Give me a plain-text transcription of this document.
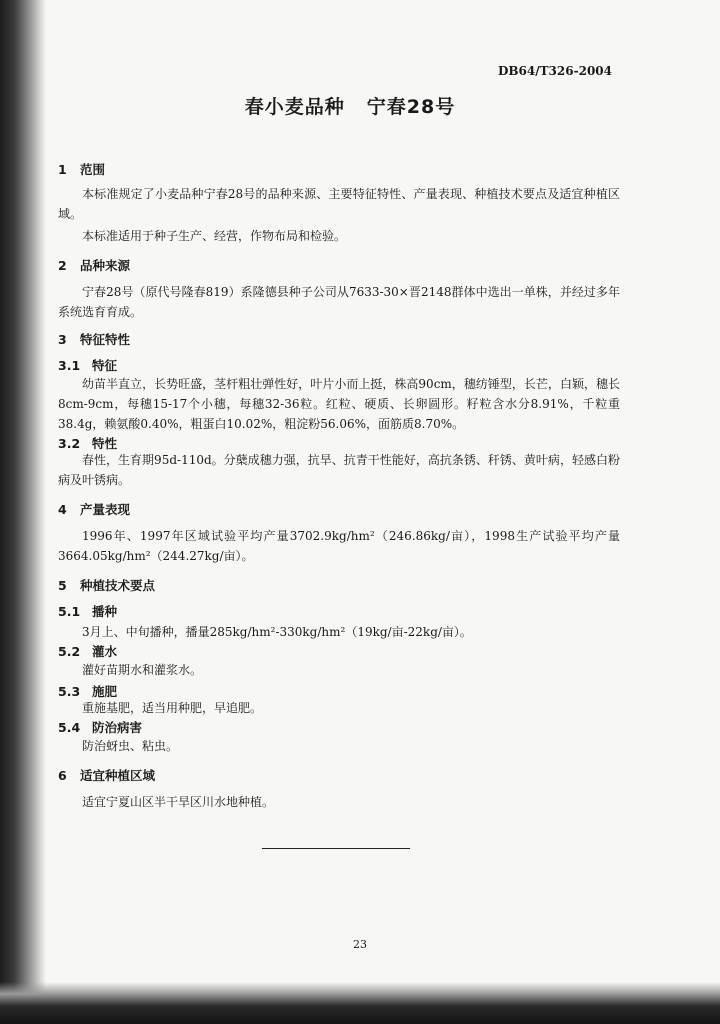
DB64/T326-2004
春小麦品种 宁春28号
1 范围
本标准规定了小麦品种宁春28号的品种来源、主要特征特性、产量表现、种植技术要点及适宜种植区域。
本标准适用于种子生产、经营，作物布局和检验。
2 品种来源
宁春28号（原代号隆春819）系隆德县种子公司从7633-30×晋2148群体中选出一单株，并经过多年系统选育育成。
3 特征特性
3.1 特征
幼苗半直立，长势旺盛，茎杆粗壮弹性好，叶片小而上挺，株高90cm，穗纺锤型，长芒，白颖，穗长8cm-9cm，每穗15-17个小穗，每穗32-36粒。红粒、硬质、长卵圆形。籽粒含水分8.91%，千粒重38.4g，赖氨酸0.40%，粗蛋白10.02%，粗淀粉56.06%，面筋质8.70%。
3.2 特性
春性，生育期95d-110d。分蘖成穗力强，抗旱、抗青干性能好，高抗条锈、秆锈、黄叶病，轻感白粉病及叶锈病。
4 产量表现
1996年、1997年区域试验平均产量3702.9kg/hm²（246.86kg/亩），1998生产试验平均产量3664.05kg/hm²（244.27kg/亩）。
5 种植技术要点
5.1 播种
3月上、中旬播种，播量285kg/hm²-330kg/hm²（19kg/亩-22kg/亩）。
5.2 灌水
灌好苗期水和灌浆水。
5.3 施肥
重施基肥，适当用种肥，早追肥。
5.4 防治病害
防治蚜虫、粘虫。
6 适宜种植区域
适宜宁夏山区半干旱区川水地种植。
23
